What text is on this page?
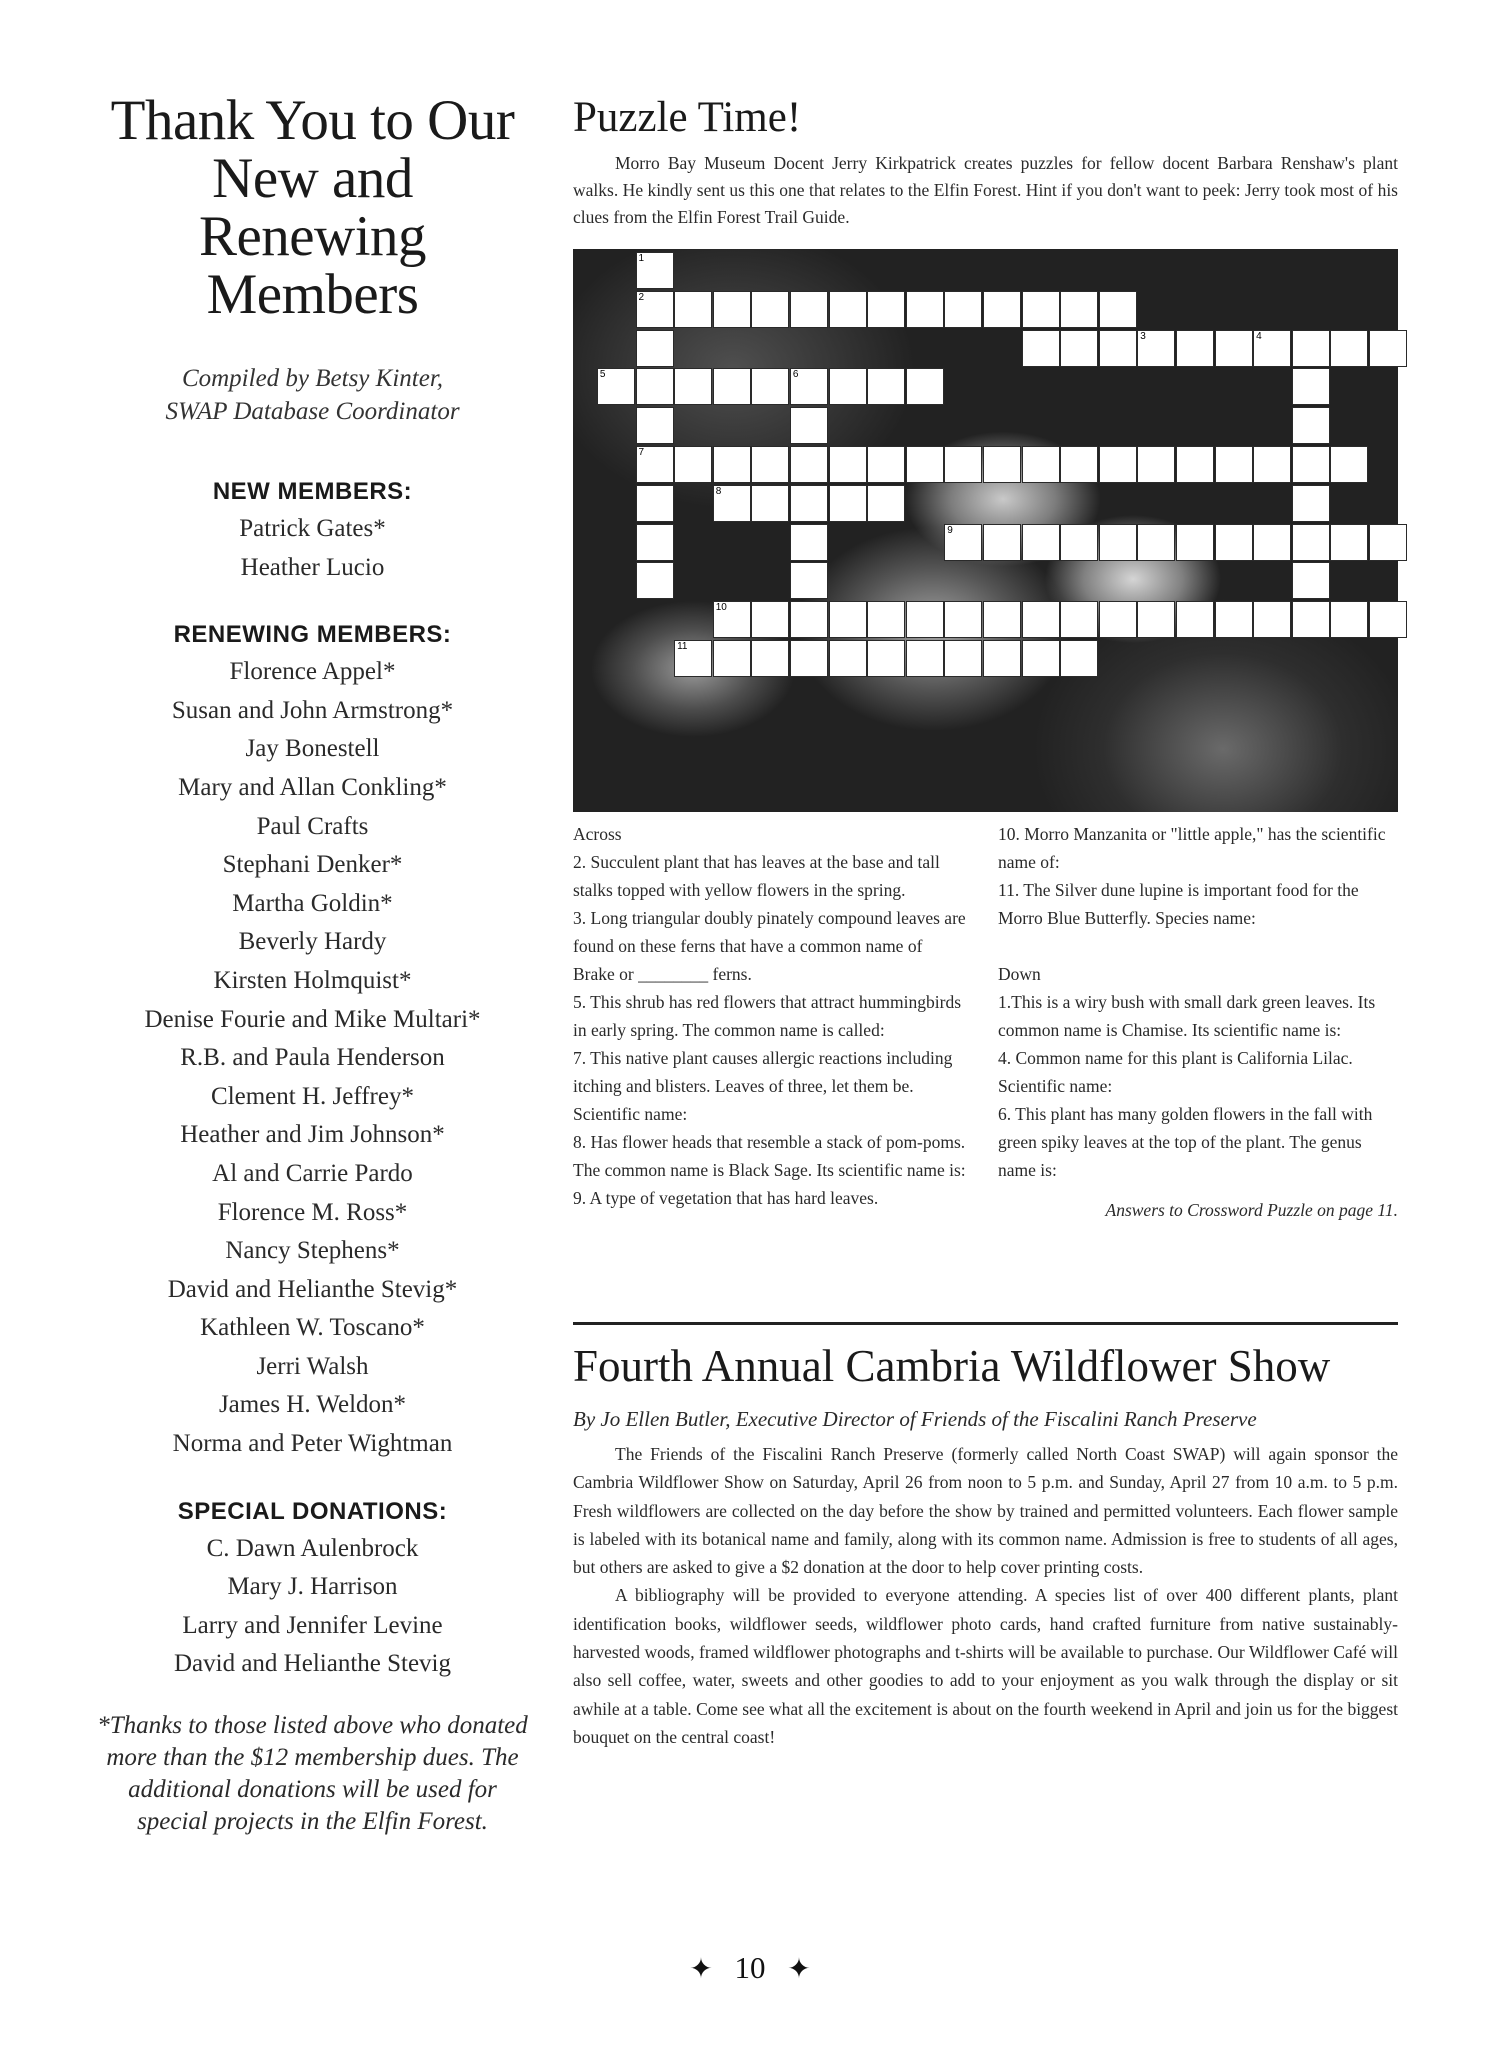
Thank You to Our New and Renewing Members
Compiled by Betsy Kinter,
SWAP Database Coordinator
NEW MEMBERS:
Patrick Gates*
Heather Lucio
RENEWING MEMBERS:
Florence Appel*
Susan and John Armstrong*
Jay Bonestell
Mary and Allan Conkling*
Paul Crafts
Stephani Denker*
Martha Goldin*
Beverly Hardy
Kirsten Holmquist*
Denise Fourie and Mike Multari*
R.B. and Paula Henderson
Clement H. Jeffrey*
Heather and Jim Johnson*
Al and Carrie Pardo
Florence M. Ross*
Nancy Stephens*
David and Helianthe Stevig*
Kathleen W. Toscano*
Jerri Walsh
James H. Weldon*
Norma and Peter Wightman
SPECIAL DONATIONS:
C. Dawn Aulenbrock
Mary J. Harrison
Larry and Jennifer Levine
David and Helianthe Stevig
*Thanks to those listed above who donated more than the $12 membership dues. The additional donations will be used for special projects in the Elfin Forest.
Puzzle Time!

Morro Bay Museum Docent Jerry Kirkpatrick creates puzzles for fellow docent Barbara Renshaw's plant walks. He kindly sent us this one that relates to the Elfin Forest. Hint if you don't want to peek: Jerry took most of his clues from the Elfin Forest Trail Guide.

2
3	4
5	6
7
8
9
10
11
1

Across

2. Succulent plant that has leaves at the base and tall stalks topped with yellow flowers in the spring.

3. Long triangular doubly pinately compound leaves are found on these ferns that have a common name of Brake or ________ ferns.

5. This shrub has red flowers that attract hummingbirds in early spring. The common name is called:

7. This native plant causes allergic reactions including itching and blisters. Leaves of three, let them be. Scientific name:

8. Has flower heads that resemble a stack of pom-poms. The common name is Black Sage. Its scientific name is:

9. A type of vegetation that has hard leaves.

10. Morro Manzanita or "little apple," has the scientific name of:

11. The Silver dune lupine is important food for the Morro Blue Butterfly. Species name:

Down

1.This is a wiry bush with small dark green leaves. Its common name is Chamise. Its scientific name is:

4. Common name for this plant is California Lilac. Scientific name:

6. This plant has many golden flowers in the fall with green spiky leaves at the top of the plant. The genus name is:

Answers to Crossword Puzzle on page 11.

Fourth Annual Cambria Wildflower Show
By Jo Ellen Butler, Executive Director of Friends of the Fiscalini Ranch Preserve

The Friends of the Fiscalini Ranch Preserve (formerly called North Coast SWAP) will again sponsor the Cambria Wildflower Show on Saturday, April 26 from noon to 5 p.m. and Sunday, April 27 from 10 a.m. to 5 p.m. Fresh wildflowers are collected on the day before the show by trained and permitted volunteers. Each flower sample is labeled with its botanical name and family, along with its common name. Admission is free to students of all ages, but others are asked to give a $2 donation at the door to help cover printing costs.

A bibliography will be provided to everyone attending. A species list of over 400 different plants, plant identification books, wildflower seeds, wildflower photo cards, hand crafted furniture from native sustainably-harvested woods, framed wildflower photographs and t-shirts will be available to purchase. Our Wildflower Café will also sell coffee, water, sweets and other goodies to add to your enjoyment as you walk through the display or sit awhile at a table. Come see what all the excitement is about on the fourth weekend in April and join us for the biggest bouquet on the central coast!

✦ 10 ✦
